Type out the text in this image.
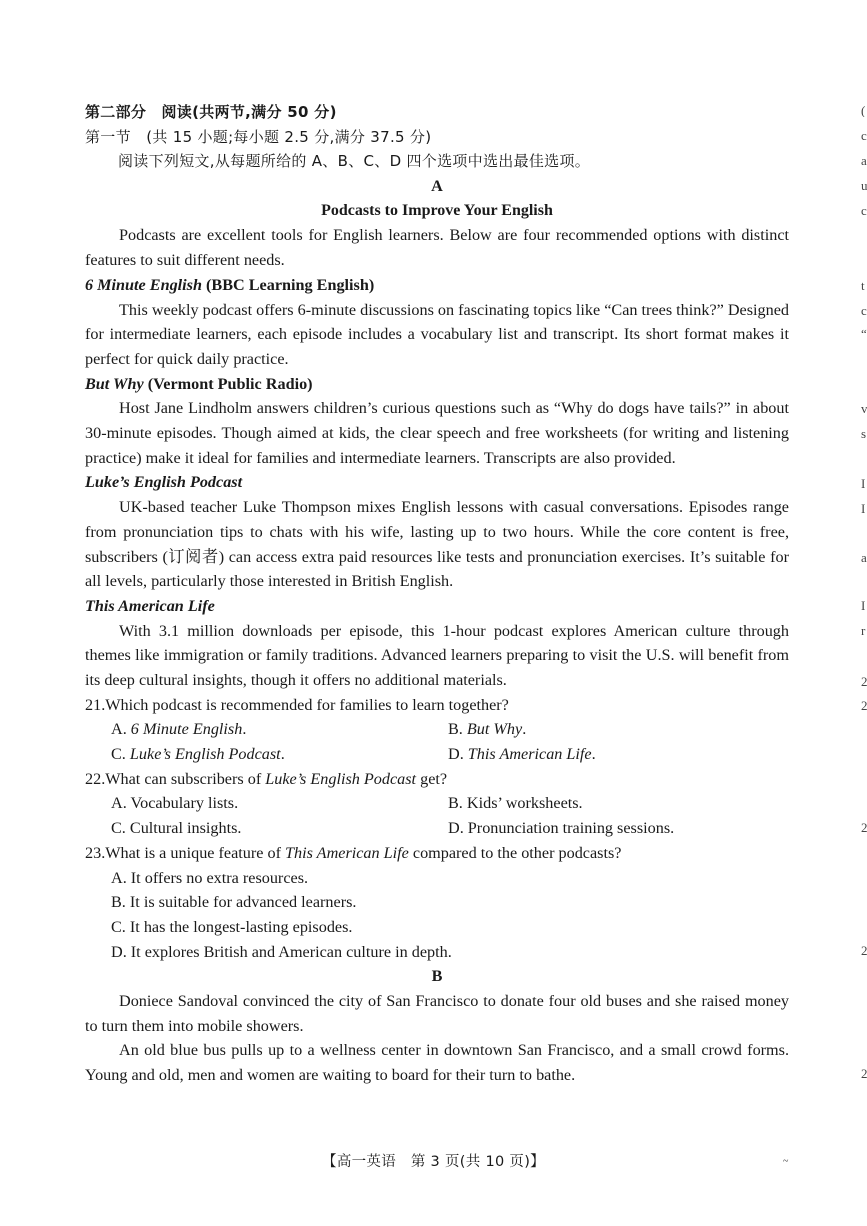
第二部分　阅读(共两节,满分 50 分)
第一节　(共 15 小题;每小题 2.5 分,满分 37.5 分)
阅读下列短文,从每题所给的 A、B、C、D 四个选项中选出最佳选项。
A
Podcasts to Improve Your English

Podcasts are excellent tools for English learners. Below are four recommended options with distinct features to suit different needs.

6 Minute English (BBC Learning English)

This weekly podcast offers 6-minute discussions on fascinating topics like “Can trees think?” Designed for intermediate learners, each episode includes a vocabulary list and transcript. Its short format makes it perfect for quick daily practice.

But Why (Vermont Public Radio)

Host Jane Lindholm answers children’s curious questions such as “Why do dogs have tails?” in about 30-minute episodes. Though aimed at kids, the clear speech and free worksheets (for writing and listening practice) make it ideal for families and intermediate learners. Transcripts are also provided.

Luke’s English Podcast

UK-based teacher Luke Thompson mixes English lessons with casual conversations. Episodes range from pronunciation tips to chats with his wife, lasting up to two hours. While the core content is free, subscribers (订阅者) can access extra paid resources like tests and pronunciation exercises. It’s suitable for all levels, particularly those interested in British English.

This American Life

With 3.1 million downloads per episode, this 1-hour podcast explores American culture through themes like immigration or family traditions. Advanced learners preparing to visit the U.S. will benefit from its deep cultural insights, though it offers no additional materials.

21.Which podcast is recommended for families to learn together?
A. 6 Minute English.	B. But Why.
C. Luke’s English Podcast.	D. This American Life.
22.What can subscribers of Luke’s English Podcast get?
A. Vocabulary lists.	B. Kids’ worksheets.
C. Cultural insights.	D. Pronunciation training sessions.
23.What is a unique feature of This American Life compared to the other podcasts?
A. It offers no extra resources.
B. It is suitable for advanced learners.
C. It has the longest-lasting episodes.
D. It explores British and American culture in depth.
B

Doniece Sandoval convinced the city of San Francisco to donate four old buses and she raised money to turn them into mobile showers.

An old blue bus pulls up to a wellness center in downtown San Francisco, and a small crowd forms. Young and old, men and women are waiting to board for their turn to bathe.

【高一英语　第 3 页(共 10 页)】
(
c
a
u
c
t
c
“
v
s
I
I
a
I
r
2
2
2
2
2
~
